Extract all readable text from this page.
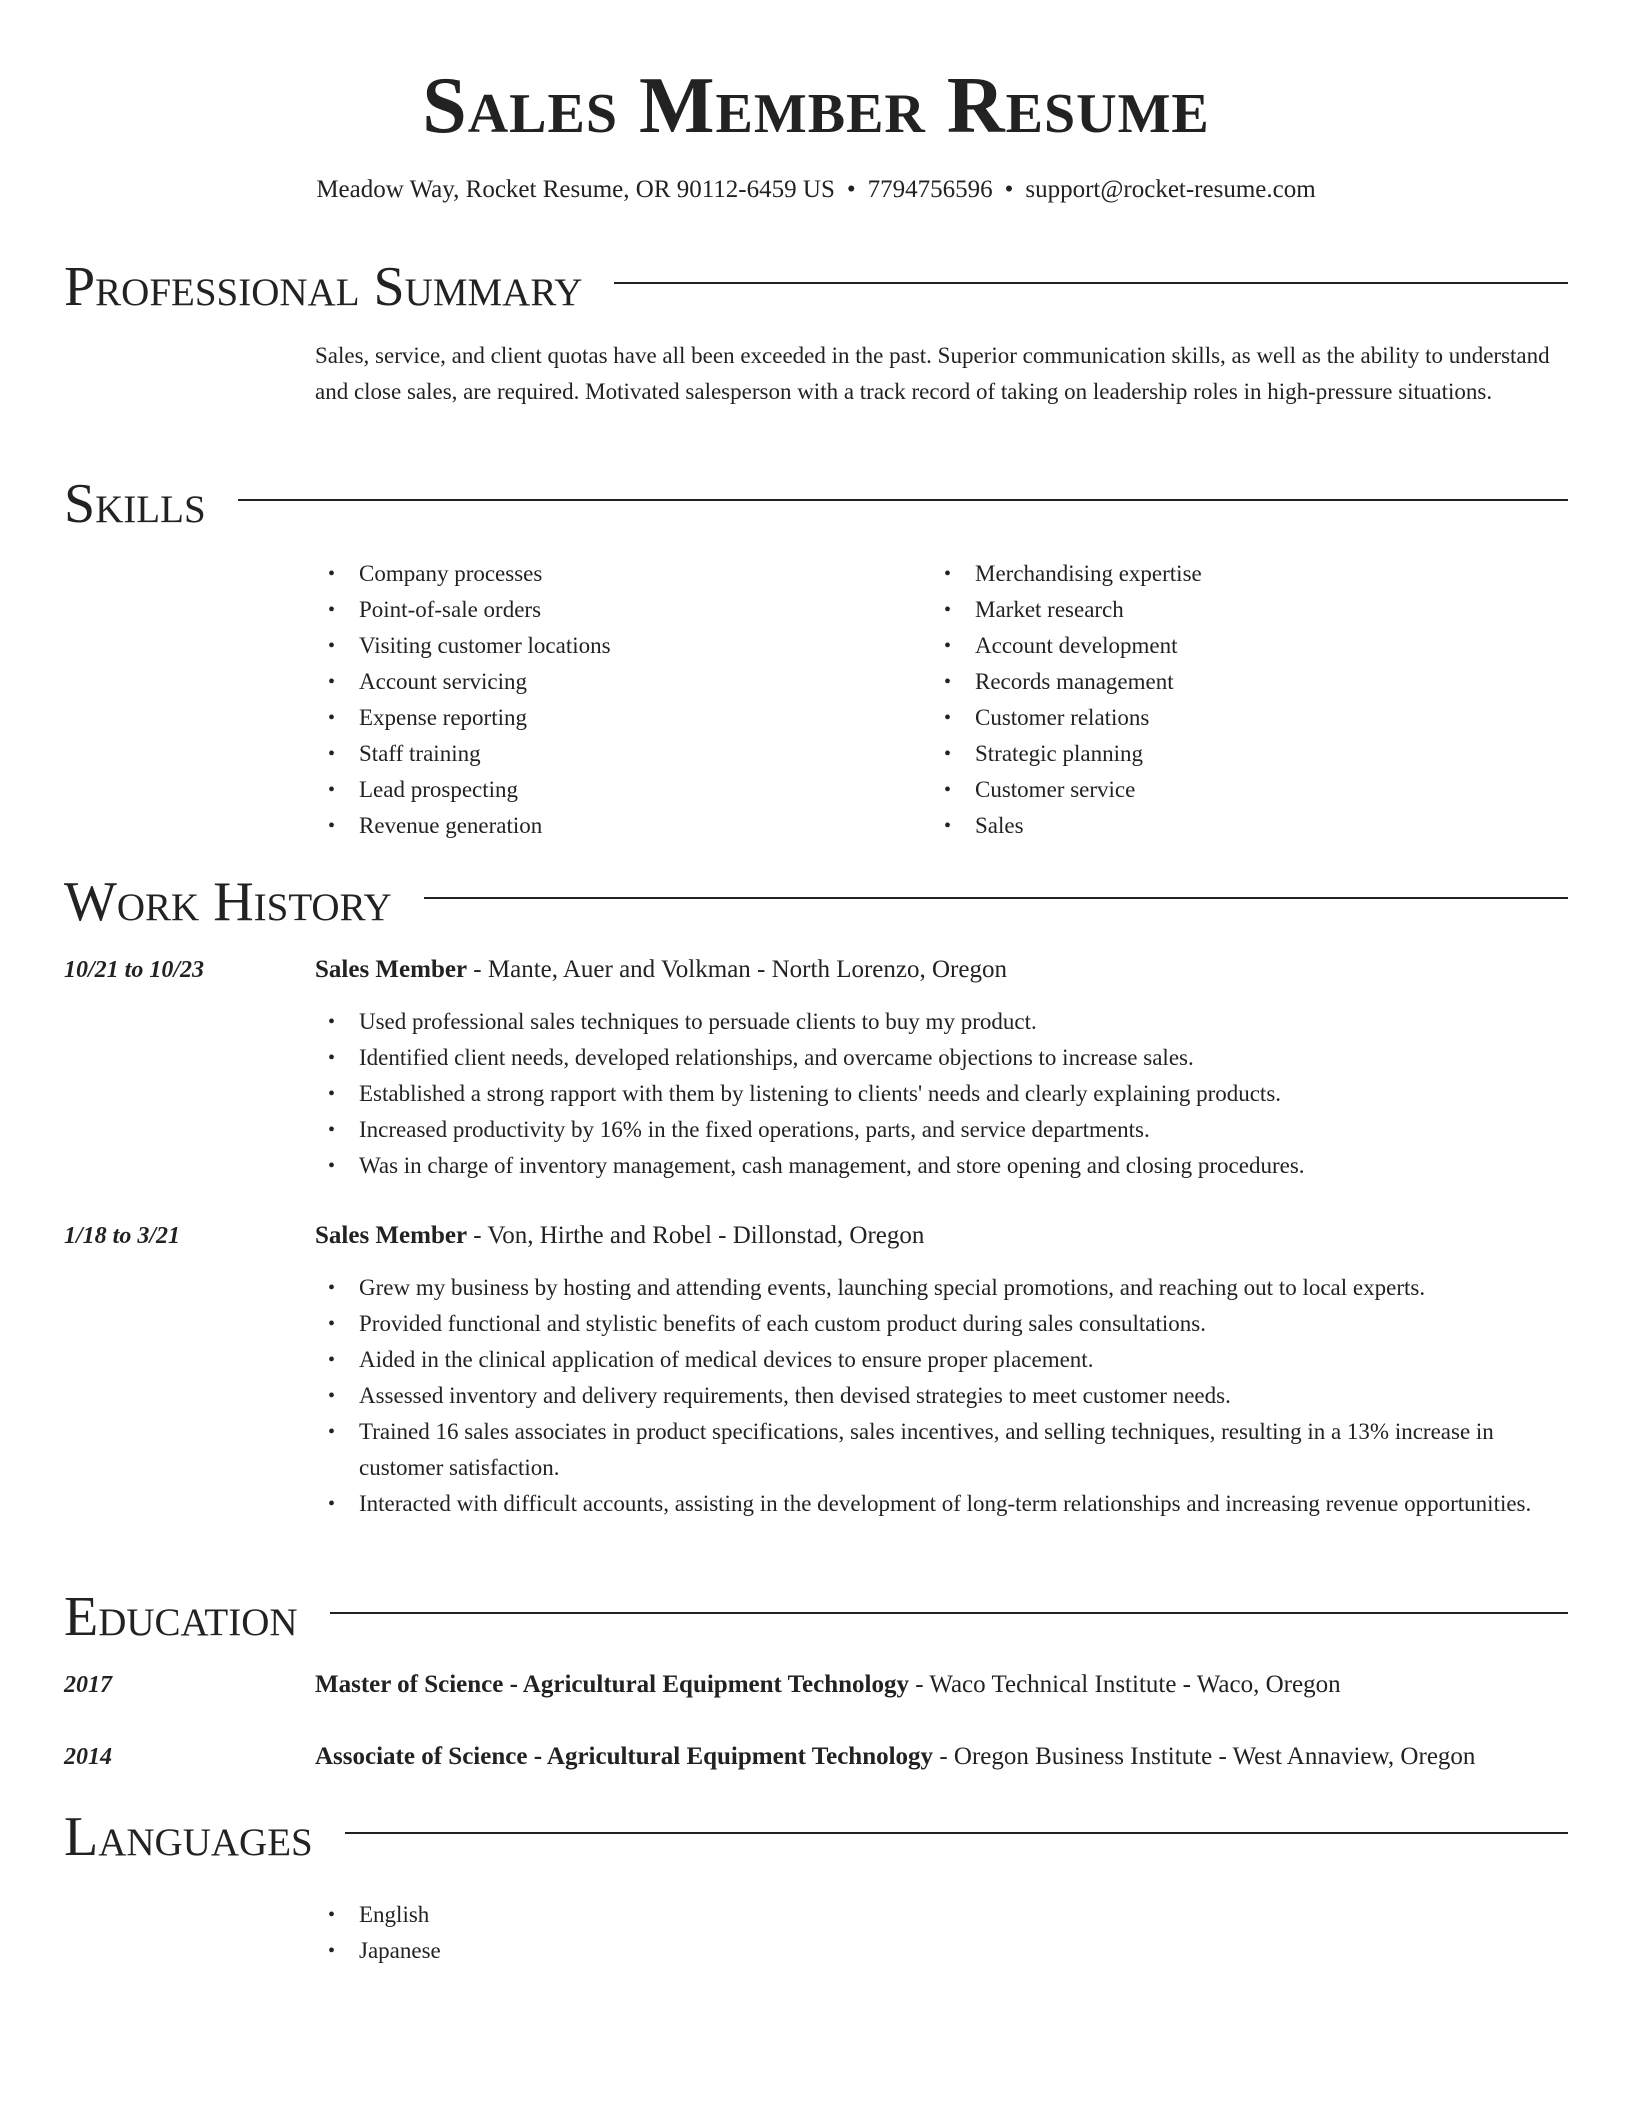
Sales Member Resume
Meadow Way, Rocket Resume, OR 90112-6459 US • 7794756596 • support@rocket-resume.com
Professional Summary

Sales, service, and client quotas have all been exceeded in the past. Superior communication skills, as well as the ability to understand and close sales, are required. Motivated salesperson with a track record of taking on leadership roles in high-pressure situations.

Skills
• Company processes
• Point-of-sale orders
• Visiting customer locations
• Account servicing
• Expense reporting
• Staff training
• Lead prospecting
• Revenue generation
• Merchandising expertise
• Market research
• Account development
• Records management
• Customer relations
• Strategic planning
• Customer service
• Sales
Work History
10/21 to 10/23	Sales Member - Mante, Auer and Volkman - North Lorenzo, Oregon
• Used professional sales techniques to persuade clients to buy my product.
• Identified client needs, developed relationships, and overcame objections to increase sales.
• Established a strong rapport with them by listening to clients' needs and clearly explaining products.
• Increased productivity by 16% in the fixed operations, parts, and service departments.
• Was in charge of inventory management, cash management, and store opening and closing procedures.
1/18 to 3/21	Sales Member - Von, Hirthe and Robel - Dillonstad, Oregon
• Grew my business by hosting and attending events, launching special promotions, and reaching out to local experts.
• Provided functional and stylistic benefits of each custom product during sales consultations.
• Aided in the clinical application of medical devices to ensure proper placement.
• Assessed inventory and delivery requirements, then devised strategies to meet customer needs.
• Trained 16 sales associates in product specifications, sales incentives, and selling techniques, resulting in a 13% increase in customer satisfaction.
• Interacted with difficult accounts, assisting in the development of long-term relationships and increasing revenue opportunities.
Education
2017	Master of Science - Agricultural Equipment Technology - Waco Technical Institute - Waco, Oregon
2014	Associate of Science - Agricultural Equipment Technology - Oregon Business Institute - West Annaview, Oregon
Languages
• English
• Japanese
